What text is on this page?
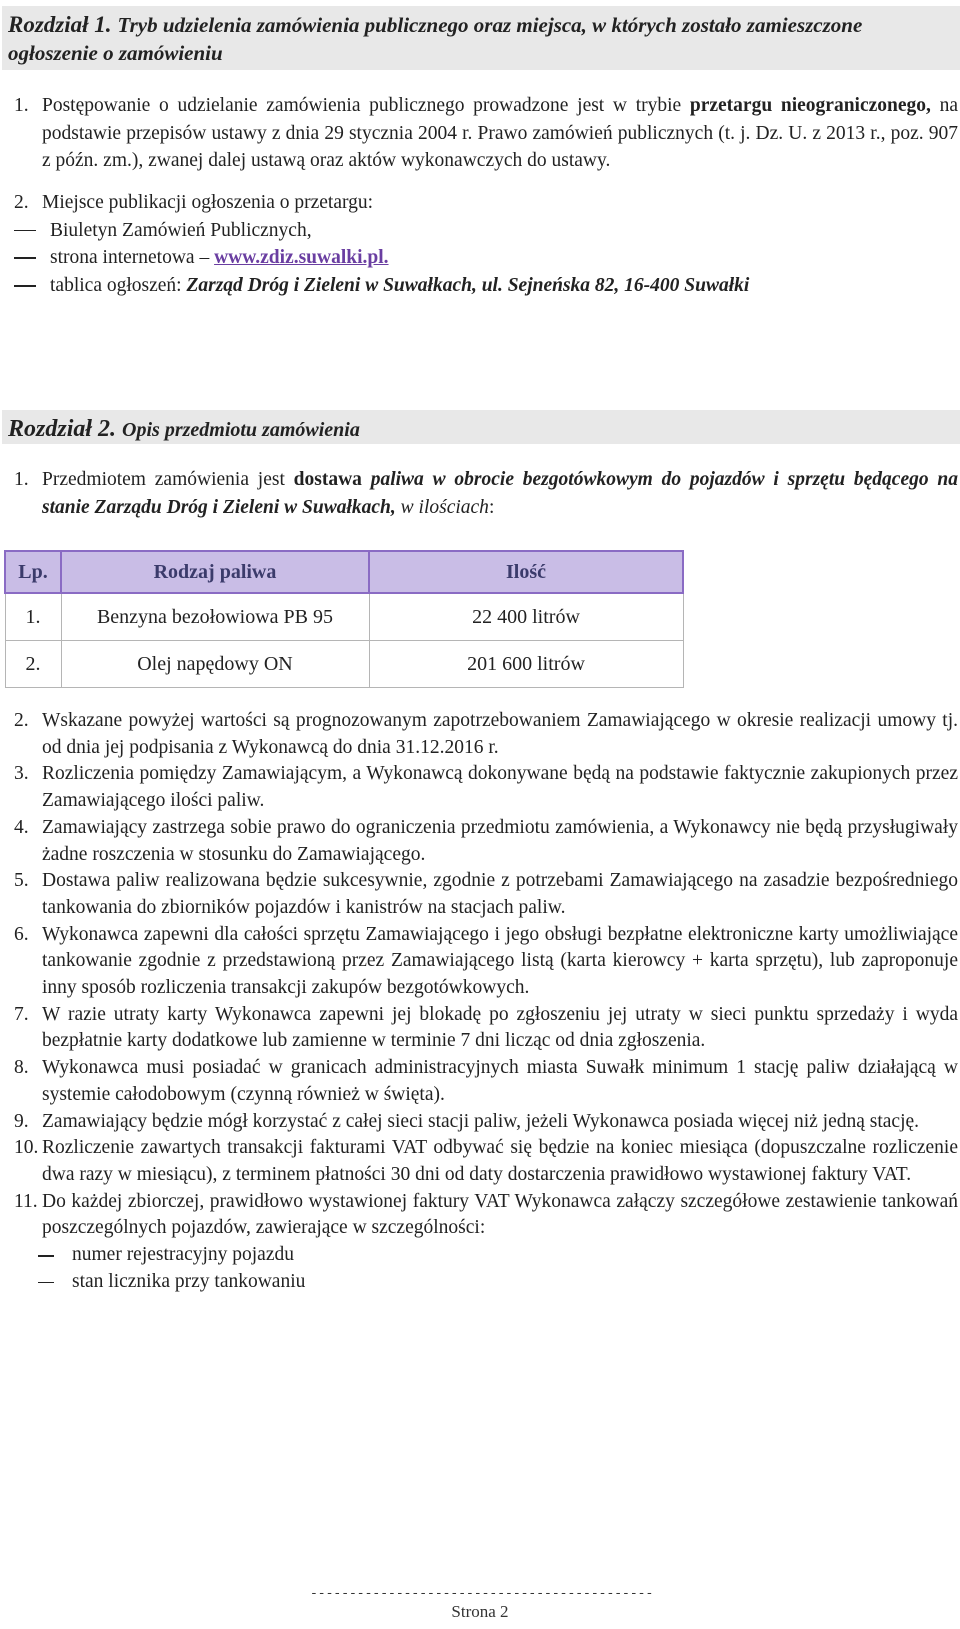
Rozdział 1. Tryb udzielenia zamówienia publicznego oraz miejsca, w których zostało zamieszczone ogłoszenie o zamówieniu
1. Postępowanie o udzielanie zamówienia publicznego prowadzone jest w trybie przetargu nieograniczonego, na podstawie przepisów ustawy z dnia 29 stycznia 2004 r. Prawo zamówień publicznych (t. j. Dz. U. z 2013 r., poz. 907 z późn. zm.), zwanej dalej ustawą oraz aktów wykonawczych do ustawy.
2. Miejsce publikacji ogłoszenia o przetargu:
Biuletyn Zamówień Publicznych,
strona internetowa – www.zdiz.suwalki.pl.
tablica ogłoszeń: Zarząd Dróg i Zieleni w Suwałkach, ul. Sejneńska 82, 16-400 Suwałki
Rozdział 2. Opis przedmiotu zamówienia
1. Przedmiotem zamówienia jest dostawa paliwa w obrocie bezgotówkowym do pojazdów i sprzętu będącego na stanie Zarządu Dróg i Zieleni w Suwałkach, w ilościach:
Lp.	Rodzaj paliwa	Ilość
1.	Benzyna bezołowiowa PB 95	22 400 litrów
2.	Olej napędowy ON	201 600 litrów
2. Wskazane powyżej wartości są prognozowanym zapotrzebowaniem Zamawiającego w okresie realizacji umowy tj. od dnia jej podpisania z Wykonawcą do dnia 31.12.2016 r.
3. Rozliczenia pomiędzy Zamawiającym, a Wykonawcą dokonywane będą na podstawie faktycznie zakupionych przez Zamawiającego ilości paliw.
4. Zamawiający zastrzega sobie prawo do ograniczenia przedmiotu zamówienia, a Wykonawcy nie będą przysługiwały żadne roszczenia w stosunku do Zamawiającego.
5. Dostawa paliw realizowana będzie sukcesywnie, zgodnie z potrzebami Zamawiającego na zasadzie bezpośredniego tankowania do zbiorników pojazdów i kanistrów na stacjach paliw.
6. Wykonawca zapewni dla całości sprzętu Zamawiającego i jego obsługi bezpłatne elektroniczne karty umożliwiające tankowanie zgodnie z przedstawioną przez Zamawiającego listą (karta kierowcy + karta sprzętu), lub zaproponuje inny sposób rozliczenia transakcji zakupów bezgotówkowych.
7. W razie utraty karty Wykonawca zapewni jej blokadę po zgłoszeniu jej utraty w sieci punktu sprzedaży i wyda bezpłatnie karty dodatkowe lub zamienne w terminie 7 dni licząc od dnia zgłoszenia.
8. Wykonawca musi posiadać w granicach administracyjnych miasta Suwałk minimum 1 stację paliw działającą w systemie całodobowym (czynną również w święta).
9. Zamawiający będzie mógł korzystać z całej sieci stacji paliw, jeżeli Wykonawca posiada więcej niż jedną stację.
10. Rozliczenie zawartych transakcji fakturami VAT odbywać się będzie na koniec miesiąca (dopuszczalne rozliczenie dwa razy w miesiącu), z terminem płatności 30 dni od daty dostarczenia prawidłowo wystawionej faktury VAT.
11. Do każdej zbiorczej, prawidłowo wystawionej faktury VAT Wykonawca załączy szczegółowe zestawienie tankowań poszczególnych pojazdów, zawierające w szczególności:
numer rejestracyjny pojazdu
stan licznika przy tankowaniu
--------------------------------------------
Strona 2
